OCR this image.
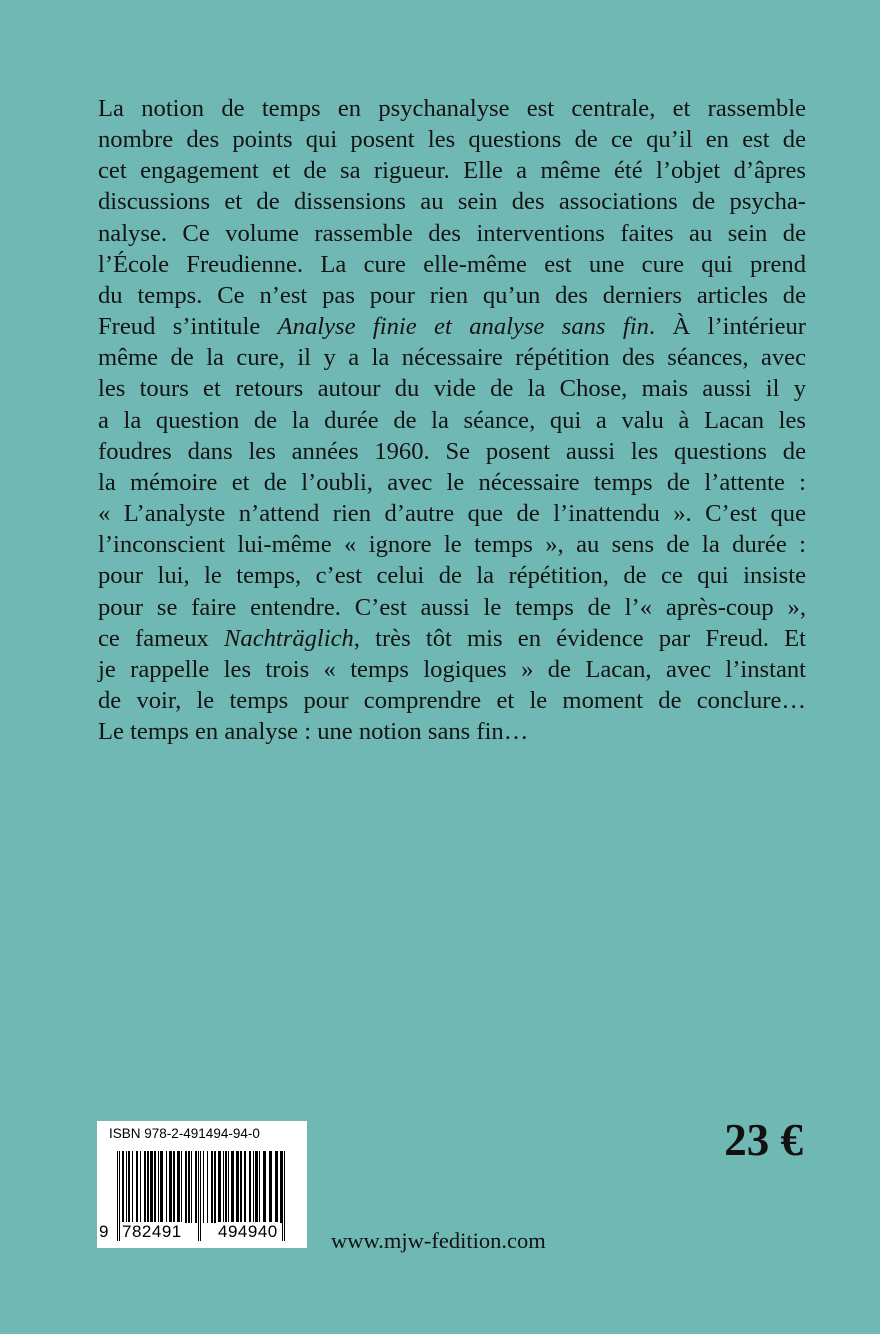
La notion de temps en psychanalyse est centrale, et rassemble
nombre des points qui posent les questions de ce qu’il en est de
cet engagement et de sa rigueur. Elle a même été l’objet d’âpres
discussions et de dissensions au sein des associations de psycha-
nalyse. Ce volume rassemble des interventions faites au sein de
l’École Freudienne. La cure elle-même est une cure qui prend
du temps. Ce n’est pas pour rien qu’un des derniers articles de
Freud s’intitule Analyse finie et analyse sans fin. À l’intérieur
même de la cure, il y a la nécessaire répétition des séances, avec
les tours et retours autour du vide de la Chose, mais aussi il y
a la question de la durée de la séance, qui a valu à Lacan les
foudres dans les années 1960. Se posent aussi les questions de
la mémoire et de l’oubli, avec le nécessaire temps de l’attente :
« L’analyste n’attend rien d’autre que de l’inattendu ». C’est que
l’inconscient lui-même « ignore le temps », au sens de la durée :
pour lui, le temps, c’est celui de la répétition, de ce qui insiste
pour se faire entendre. C’est aussi le temps de l’« après-coup »,
ce fameux Nachträglich, très tôt mis en évidence par Freud. Et
je rappelle les trois « temps logiques » de Lacan, avec l’instant
de voir, le temps pour comprendre et le moment de conclure…
Le temps en analyse : une notion sans fin…
ISBN 978-2-491494-94-0
9 782491 494940
23 €
www.mjw-fedition.com
